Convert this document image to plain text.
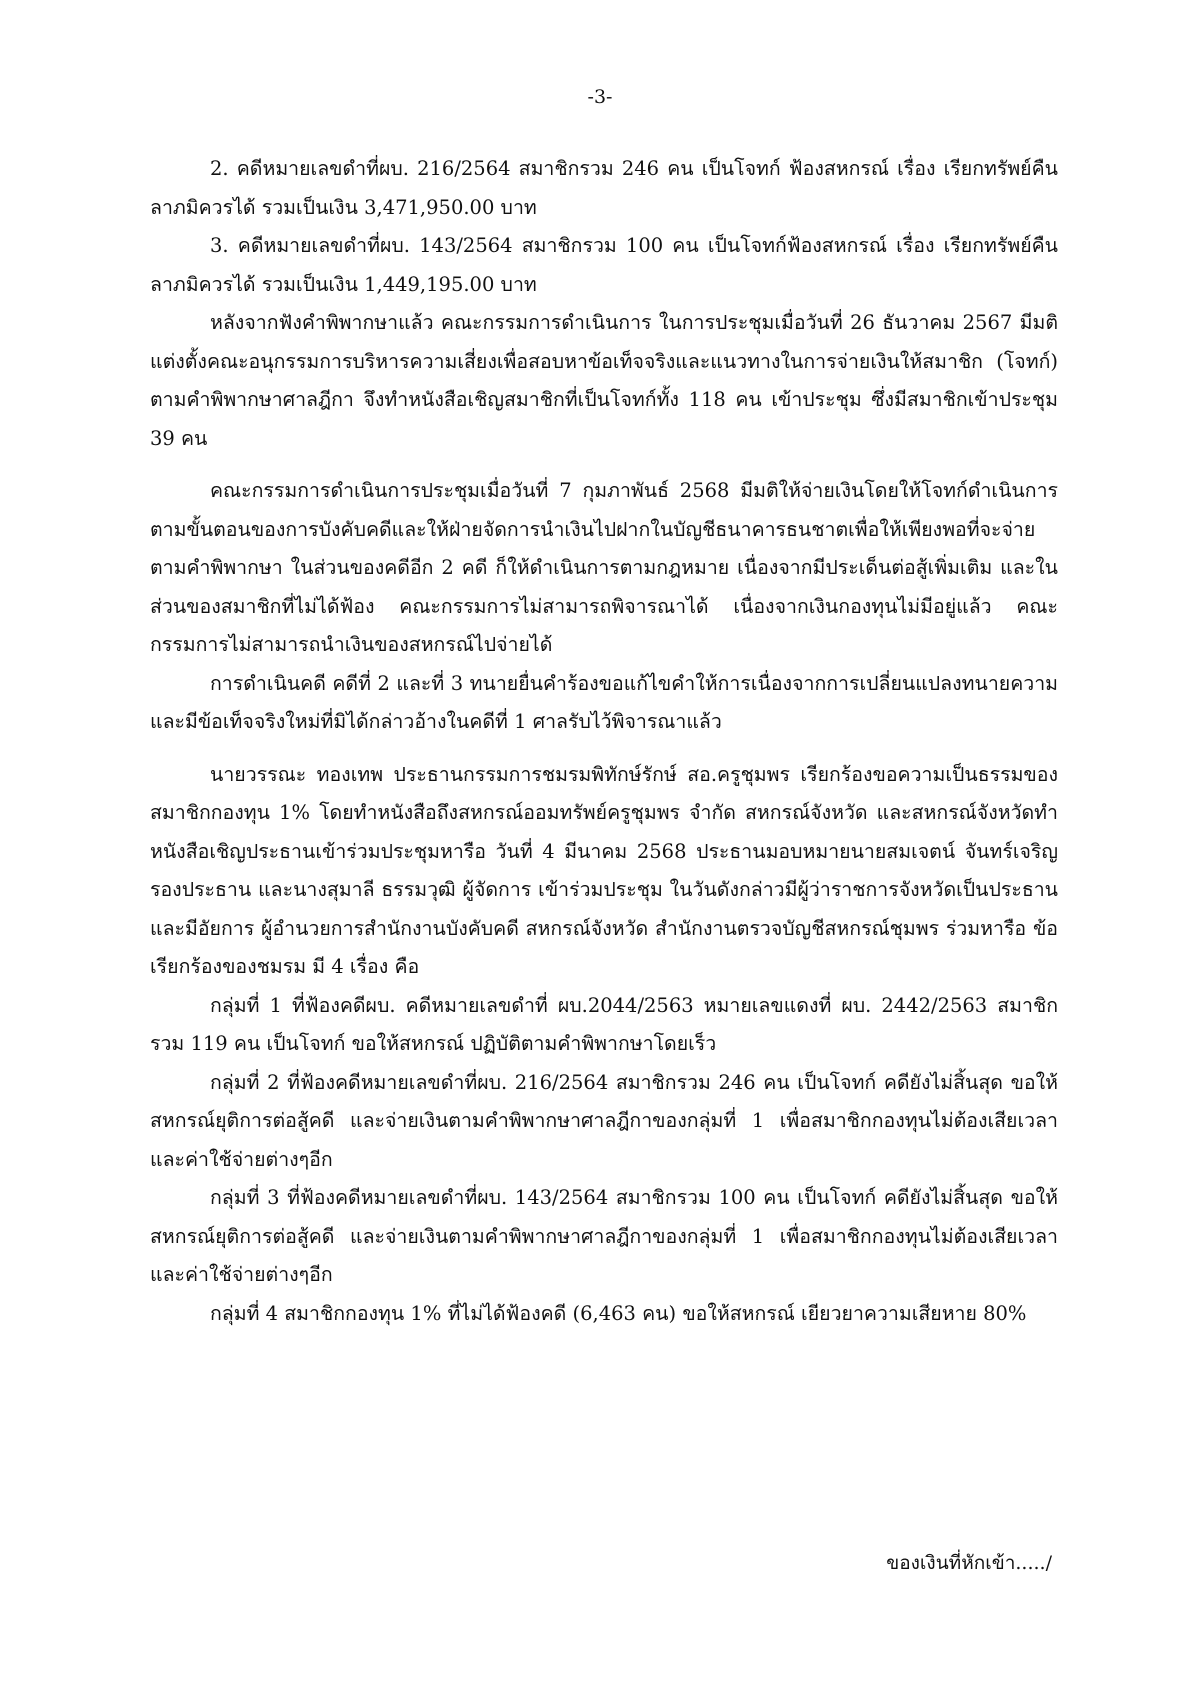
-3-

2. คดีหมายเลขดำที่ผบ. 216/2564 สมาชิกรวม 246 คน เป็นโจทก์ ฟ้องสหกรณ์ เรื่อง เรียกทรัพย์คืนลาภมิควรได้ รวมเป็นเงิน 3,471,950.00 บาท

3. คดีหมายเลขดำที่ผบ. 143/2564 สมาชิกรวม 100 คน เป็นโจทก์ฟ้องสหกรณ์ เรื่อง เรียกทรัพย์คืนลาภมิควรได้ รวมเป็นเงิน 1,449,195.00 บาท

หลังจากฟังคำพิพากษาแล้ว คณะกรรมการดำเนินการ ในการประชุมเมื่อวันที่ 26 ธันวาคม 2567 มีมติแต่งตั้งคณะอนุกรรมการบริหารความเสี่ยงเพื่อสอบหาข้อเท็จจริงและแนวทางในการจ่ายเงินให้สมาชิก (โจทก์) ตามคำพิพากษาศาลฎีกา จึงทำหนังสือเชิญสมาชิกที่เป็นโจทก์ทั้ง 118 คน เข้าประชุม ซึ่งมีสมาชิกเข้าประชุม 39 คน

คณะกรรมการดำเนินการประชุมเมื่อวันที่ 7 กุมภาพันธ์ 2568 มีมติให้จ่ายเงินโดยให้โจทก์ดำเนินการตามขั้นตอนของการบังคับคดีและให้ฝ่ายจัดการนำเงินไปฝากในบัญชีธนาคารธนชาตเพื่อให้เพียงพอที่จะจ่ายตามคำพิพากษา ในส่วนของคดีอีก 2 คดี ก็ให้ดำเนินการตามกฎหมาย เนื่องจากมีประเด็นต่อสู้เพิ่มเติม และในส่วนของสมาชิกที่ไม่ได้ฟ้อง คณะกรรมการไม่สามารถพิจารณาได้ เนื่องจากเงินกองทุนไม่มีอยู่แล้ว คณะกรรมการไม่สามารถนำเงินของสหกรณ์ไปจ่ายได้

การดำเนินคดี คดีที่ 2 และที่ 3 ทนายยื่นคำร้องขอแก้ไขคำให้การเนื่องจากการเปลี่ยนแปลงทนายความและมีข้อเท็จจริงใหม่ที่มิได้กล่าวอ้างในคดีที่ 1 ศาลรับไว้พิจารณาแล้ว

นายวรรณะ ทองเทพ ประธานกรรมการชมรมพิทักษ์รักษ์ สอ.ครูชุมพร เรียกร้องขอความเป็นธรรมของสมาชิกกองทุน 1% โดยทำหนังสือถึงสหกรณ์ออมทรัพย์ครูชุมพร จำกัด สหกรณ์จังหวัด และสหกรณ์จังหวัดทำหนังสือเชิญประธานเข้าร่วมประชุมหารือ วันที่ 4 มีนาคม 2568 ประธานมอบหมายนายสมเจตน์ จันทร์เจริญ รองประธาน และนางสุมาลี ธรรมวุฒิ ผู้จัดการ เข้าร่วมประชุม ในวันดังกล่าวมีผู้ว่าราชการจังหวัดเป็นประธาน และมีอัยการ ผู้อำนวยการสำนักงานบังคับคดี สหกรณ์จังหวัด สำนักงานตรวจบัญชีสหกรณ์ชุมพร ร่วมหารือ ข้อเรียกร้องของชมรม มี 4 เรื่อง คือ

กลุ่มที่ 1 ที่ฟ้องคดีผบ. คดีหมายเลขดำที่ ผบ.2044/2563 หมายเลขแดงที่ ผบ. 2442/2563 สมาชิกรวม 119 คน เป็นโจทก์ ขอให้สหกรณ์ ปฏิบัติตามคำพิพากษาโดยเร็ว

กลุ่มที่ 2 ที่ฟ้องคดีหมายเลขดำที่ผบ. 216/2564 สมาชิกรวม 246 คน เป็นโจทก์ คดียังไม่สิ้นสุด ขอให้สหกรณ์ยุติการต่อสู้คดี และจ่ายเงินตามคำพิพากษาศาลฎีกาของกลุ่มที่ 1 เพื่อสมาชิกกองทุนไม่ต้องเสียเวลา และค่าใช้จ่ายต่างๆอีก

กลุ่มที่ 3 ที่ฟ้องคดีหมายเลขดำที่ผบ. 143/2564 สมาชิกรวม 100 คน เป็นโจทก์ คดียังไม่สิ้นสุด ขอให้สหกรณ์ยุติการต่อสู้คดี และจ่ายเงินตามคำพิพากษาศาลฎีกาของกลุ่มที่ 1 เพื่อสมาชิกกองทุนไม่ต้องเสียเวลา และค่าใช้จ่ายต่างๆอีก

กลุ่มที่ 4 สมาชิกกองทุน 1% ที่ไม่ได้ฟ้องคดี (6,463 คน) ขอให้สหกรณ์ เยียวยาความเสียหาย 80%

ของเงินที่หักเข้า...../
